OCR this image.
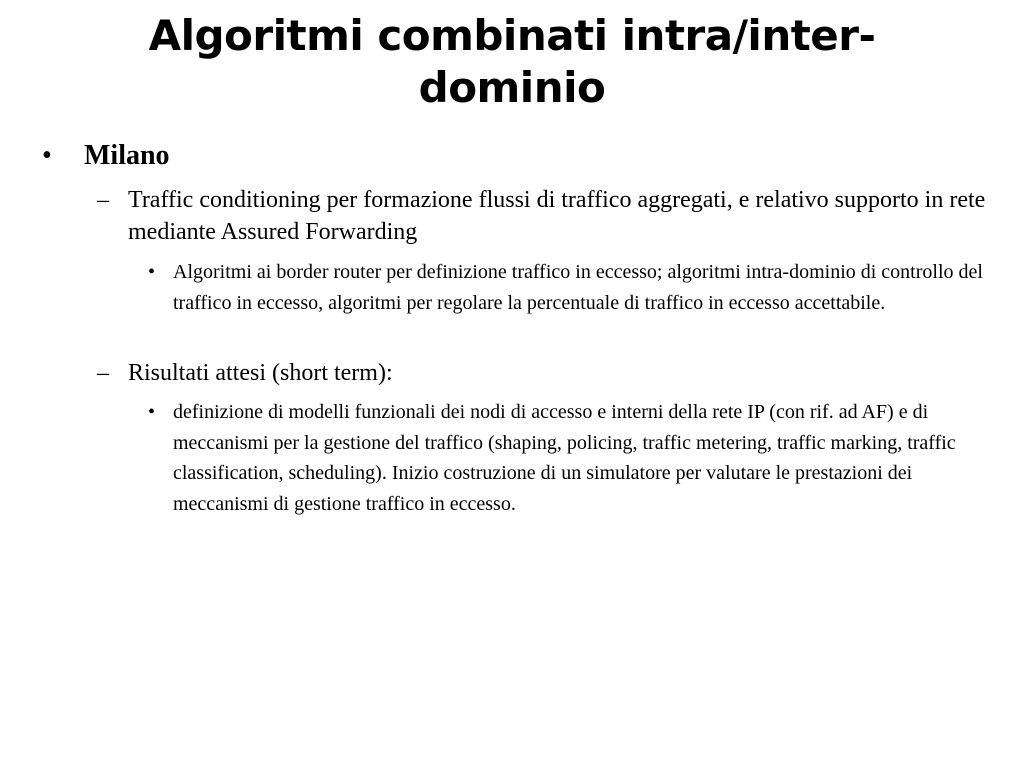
Algoritmi combinati intra/inter-dominio
• Milano
– Traffic conditioning per formazione flussi di traffico aggregati, e relativo supporto in rete mediante Assured Forwarding
• Algoritmi ai border router per definizione traffico in eccesso; algoritmi intra-dominio di controllo del traffico in eccesso, algoritmi per regolare la percentuale di traffico in eccesso accettabile.
– Risultati attesi (short term):
• definizione di modelli funzionali dei nodi di accesso e interni della rete IP (con rif. ad AF) e di meccanismi per la gestione del traffico (shaping, policing, traffic metering, traffic marking, traffic classification, scheduling). Inizio costruzione di un simulatore per valutare le prestazioni dei meccanismi di gestione traffico in eccesso.
